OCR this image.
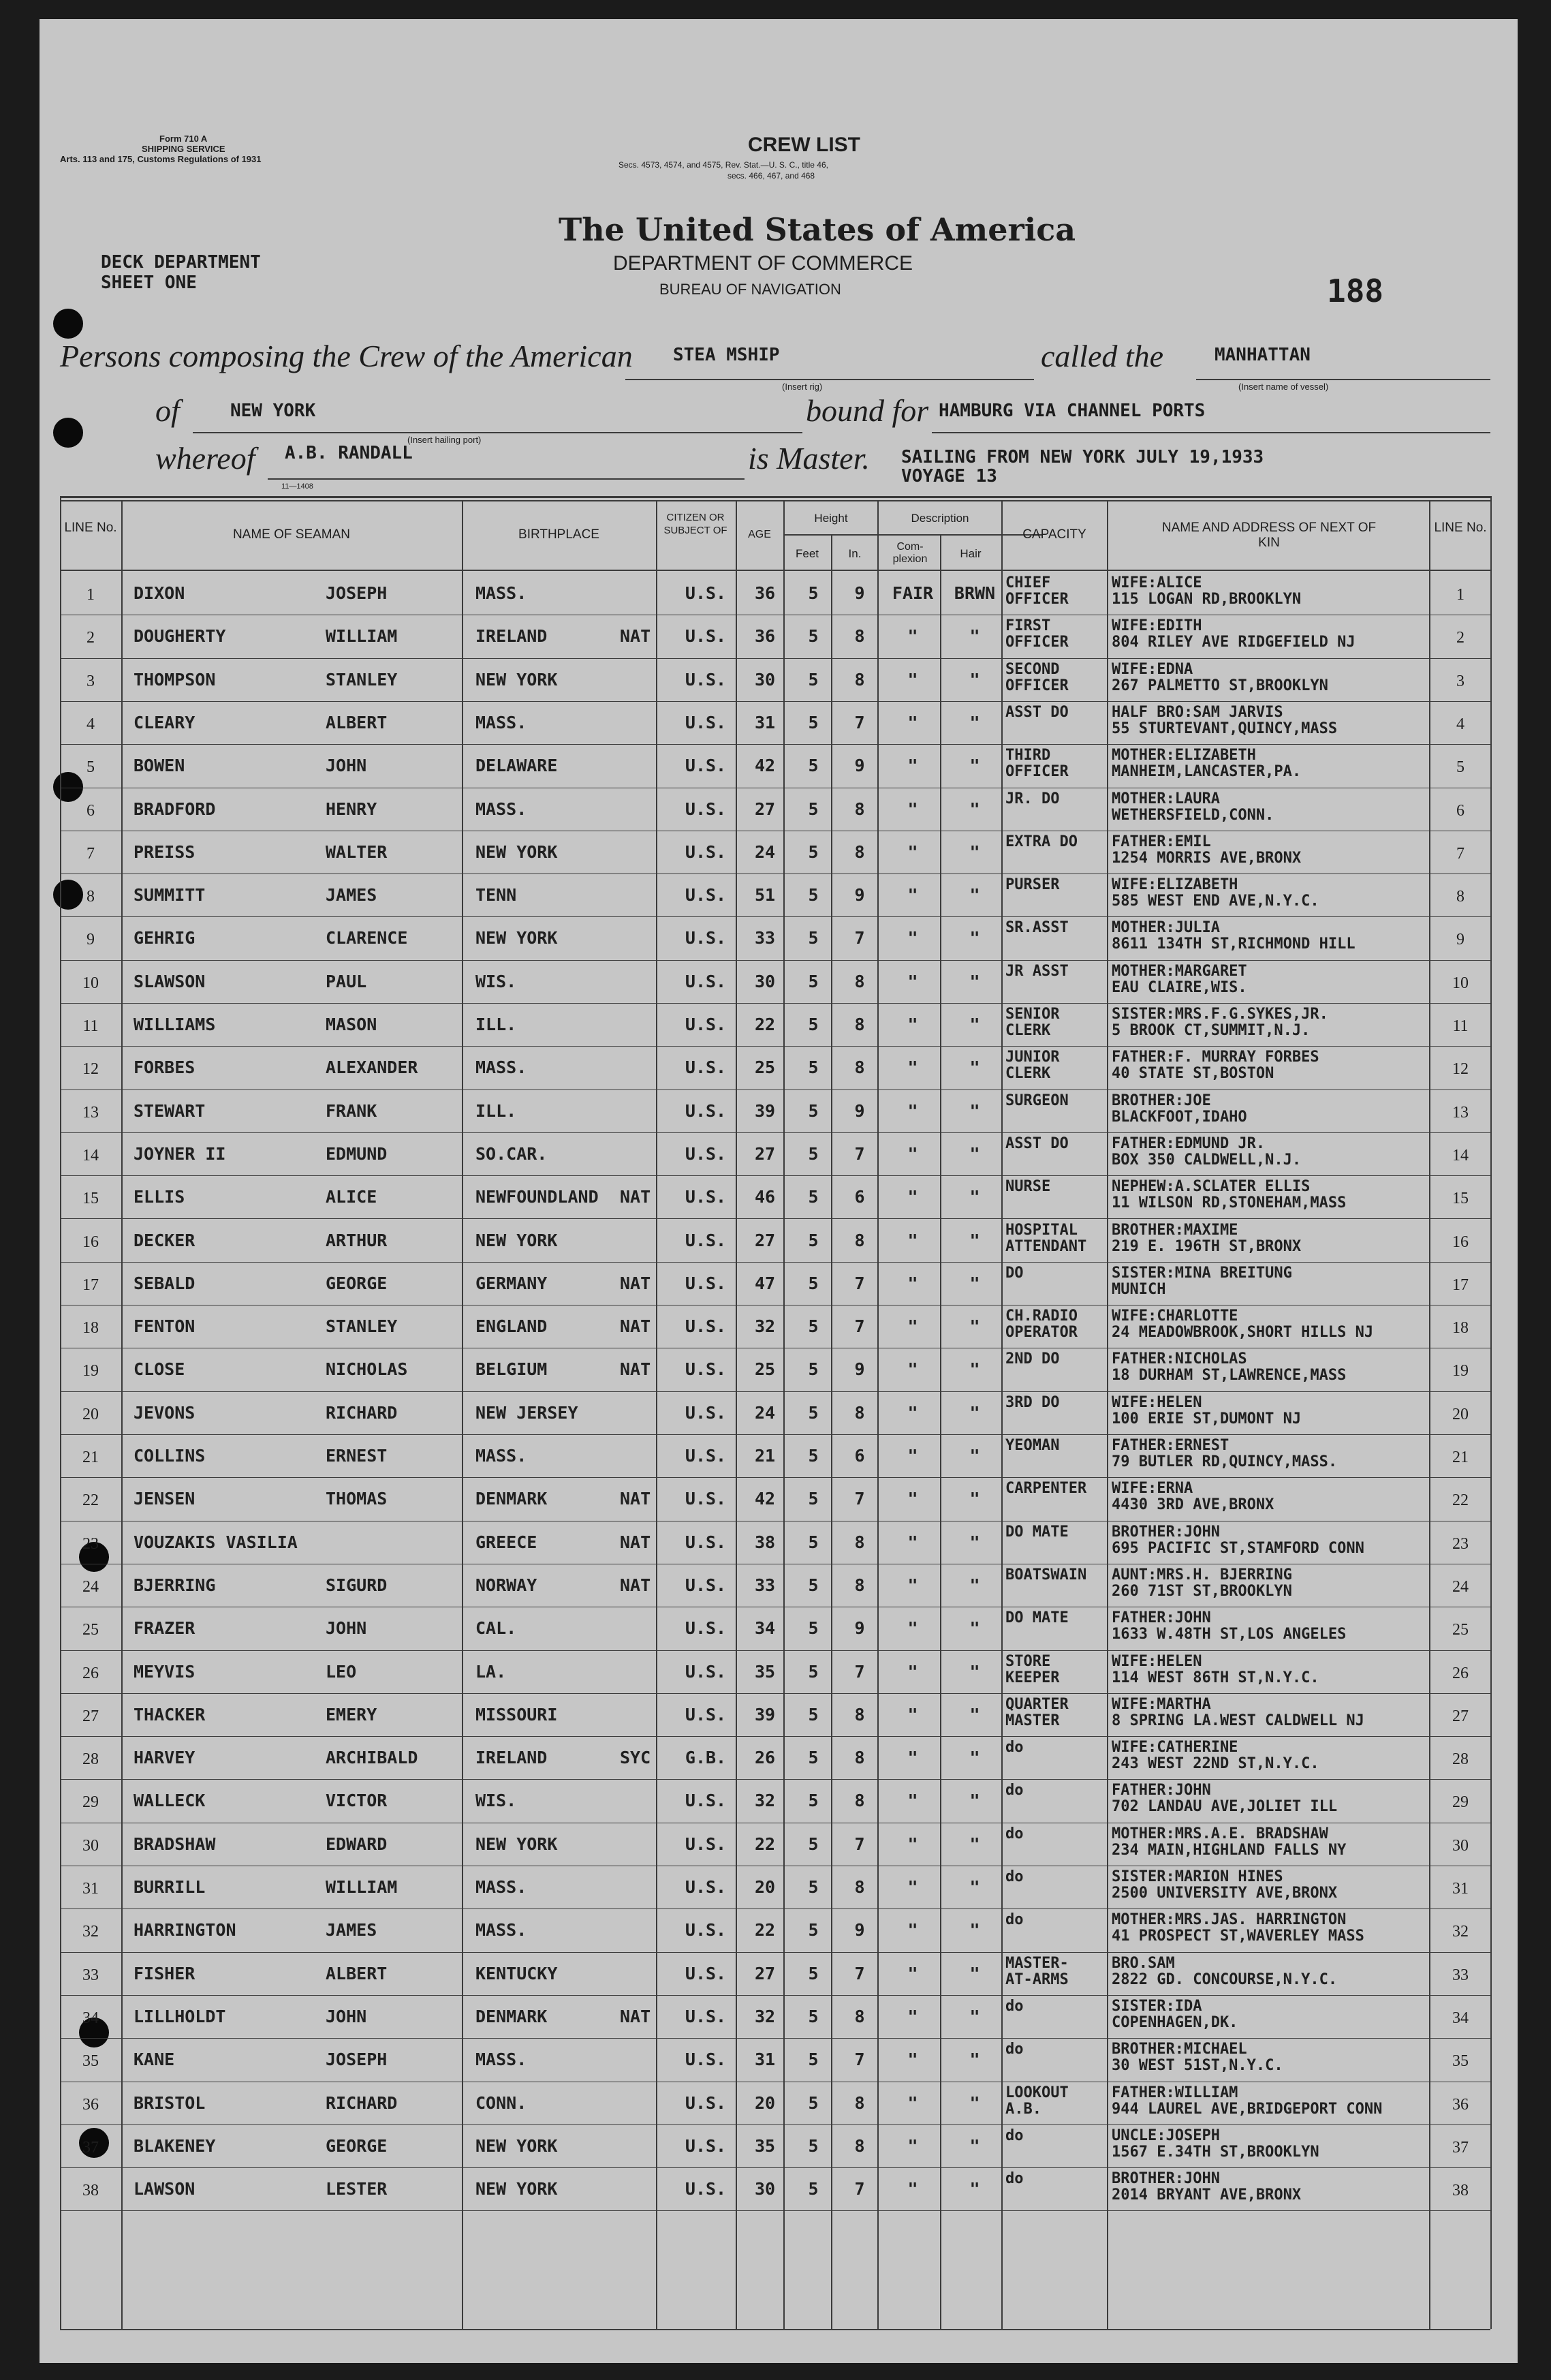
Form 710 A
SHIPPING SERVICE
Arts. 113 and 175, Customs Regulations of 1931
CREW LIST
Secs. 4573, 4574, and 4575, Rev. Stat.—U. S. C., title 46,
secs. 466, 467, and 468
The United States of America
DEPARTMENT OF COMMERCE
BUREAU OF NAVIGATION
DECK DEPARTMENT
SHEET ONE	188
Persons composing the Crew of the American STEA MSHIP
(Insert rig)
called the	MANHATTAN
(Insert name of vessel)
of	NEW YORK
(Insert hailing port)
bound for HAMBURG VIA CHANNEL PORTS
whereof A.B. RANDALL
11—1408
is Master. SAILING FROM NEW YORK JULY 19,1933
VOYAGE 13
LINE No.	NAME OF SEAMAN	BIRTHPLACE
CITIZEN OR SUBJECT OF	AGE
Height
Feet	In.
Description
Com-plexion	Hair
CAPACITY	NAME AND ADDRESS OF NEXT OF KIN
LINE No.
1	DIXON	JOSEPH	MASS.	U.S.	36	5	9	FAIR	BRWN
CHIEF
OFFICER
WIFE:ALICE
115 LOGAN RD,BROOKLYN	1
2	DOUGHERTY	WILLIAM	IRELAND	NAT	U.S.	36	5	8	"	"
FIRST
OFFICER
WIFE:EDITH
804 RILEY AVE RIDGEFIELD NJ	2
3	THOMPSON	STANLEY	NEW YORK	U.S.	30	5	8	"	"
SECOND
OFFICER
WIFE:EDNA
267 PALMETTO ST,BROOKLYN	3
4	CLEARY	ALBERT	MASS.	U.S.	31	5	7	"	"
ASST DO	HALF BRO:SAM JARVIS
55 STURTEVANT,QUINCY,MASS	4
5	BOWEN	JOHN	DELAWARE	U.S.	42	5	9	"	"
THIRD
OFFICER
MOTHER:ELIZABETH
MANHEIM,LANCASTER,PA.	5
6	BRADFORD	HENRY	MASS.	U.S.	27	5	8	"	"
JR. DO	MOTHER:LAURA
WETHERSFIELD,CONN.	6
7	PREISS	WALTER	NEW YORK	U.S.	24	5	8	"	"
EXTRA DO	FATHER:EMIL
1254 MORRIS AVE,BRONX	7
8	SUMMITT	JAMES	TENN	U.S.	51	5	9	"	"
PURSER	WIFE:ELIZABETH
585 WEST END AVE,N.Y.C.	8
9	GEHRIG	CLARENCE	NEW YORK	U.S.	33	5	7	"	"
SR.ASST	MOTHER:JULIA
8611 134TH ST,RICHMOND HILL	9
10	SLAWSON	PAUL	WIS.	U.S.	30	5	8	"	"
JR ASST	MOTHER:MARGARET
EAU CLAIRE,WIS.	10
11	WILLIAMS	MASON	ILL.	U.S.	22	5	8	"	"
SENIOR
CLERK
SISTER:MRS.F.G.SYKES,JR.
5 BROOK CT,SUMMIT,N.J.	11
12	FORBES	ALEXANDER	MASS.	U.S.	25	5	8	"	"
JUNIOR
CLERK
FATHER:F. MURRAY FORBES
40 STATE ST,BOSTON	12
13	STEWART	FRANK	ILL.	U.S.	39	5	9	"	"
SURGEON	BROTHER:JOE
BLACKFOOT,IDAHO	13
14	JOYNER II	EDMUND	SO.CAR.	U.S.	27	5	7	"	"
ASST DO	FATHER:EDMUND JR.
BOX 350 CALDWELL,N.J.	14
15	ELLIS	ALICE	NEWFOUNDLAND	NAT	U.S.	46	5	6	"	"
NURSE	NEPHEW:A.SCLATER ELLIS
11 WILSON RD,STONEHAM,MASS	15
16	DECKER	ARTHUR	NEW YORK	U.S.	27	5	8	"	"
HOSPITAL
ATTENDANT
BROTHER:MAXIME
219 E. 196TH ST,BRONX	16
17	SEBALD	GEORGE	GERMANY	NAT	U.S.	47	5	7	"	"
DO	SISTER:MINA BREITUNG
MUNICH	17
18	FENTON	STANLEY	ENGLAND	NAT	U.S.	32	5	7	"	"
CH.RADIO
OPERATOR
WIFE:CHARLOTTE
24 MEADOWBROOK,SHORT HILLS NJ	18
19	CLOSE	NICHOLAS	BELGIUM	NAT	U.S.	25	5	9	"	"
2ND DO	FATHER:NICHOLAS
18 DURHAM ST,LAWRENCE,MASS	19
20	JEVONS	RICHARD	NEW JERSEY	U.S.	24	5	8	"	"
3RD DO	WIFE:HELEN
100 ERIE ST,DUMONT NJ	20
21	COLLINS	ERNEST	MASS.	U.S.	21	5	6	"	"
YEOMAN	FATHER:ERNEST
79 BUTLER RD,QUINCY,MASS.	21
22	JENSEN	THOMAS	DENMARK	NAT	U.S.	42	5	7	"	"
CARPENTER	WIFE:ERNA
4430 3RD AVE,BRONX	22
23	VOUZAKIS VASILIA	GREECE	NAT	U.S.	38	5	8	"	"
DO MATE	BROTHER:JOHN
695 PACIFIC ST,STAMFORD CONN	23
24	BJERRING	SIGURD	NORWAY	NAT	U.S.	33	5	8	"	"
BOATSWAIN	AUNT:MRS.H. BJERRING
260 71ST ST,BROOKLYN	24
25	FRAZER	JOHN	CAL.	U.S.	34	5	9	"	"
DO MATE	FATHER:JOHN
1633 W.48TH ST,LOS ANGELES	25
26	MEYVIS	LEO	LA.	U.S.	35	5	7	"	"
STORE
KEEPER
WIFE:HELEN
114 WEST 86TH ST,N.Y.C.	26
27	THACKER	EMERY	MISSOURI	U.S.	39	5	8	"	"
QUARTER
MASTER
WIFE:MARTHA
8 SPRING LA.WEST CALDWELL NJ	27
28	HARVEY	ARCHIBALD	IRELAND	SYC	G.B.	26	5	8	"	"
do	WIFE:CATHERINE
243 WEST 22ND ST,N.Y.C.	28
29	WALLECK	VICTOR	WIS.	U.S.	32	5	8	"	"
do	FATHER:JOHN
702 LANDAU AVE,JOLIET ILL	29
30	BRADSHAW	EDWARD	NEW YORK	U.S.	22	5	7	"	"
do	MOTHER:MRS.A.E. BRADSHAW
234 MAIN,HIGHLAND FALLS NY	30
31	BURRILL	WILLIAM	MASS.	U.S.	20	5	8	"	"
do	SISTER:MARION HINES
2500 UNIVERSITY AVE,BRONX	31
32	HARRINGTON	JAMES	MASS.	U.S.	22	5	9	"	"
do	MOTHER:MRS.JAS. HARRINGTON
41 PROSPECT ST,WAVERLEY MASS	32
33	FISHER	ALBERT	KENTUCKY	U.S.	27	5	7	"	"
MASTER-
AT-ARMS
BRO.SAM
2822 GD. CONCOURSE,N.Y.C.	33
34	LILLHOLDT	JOHN	DENMARK	NAT	U.S.	32	5	8	"	"
do	SISTER:IDA
COPENHAGEN,DK.	34
35	KANE	JOSEPH	MASS.	U.S.	31	5	7	"	"
do	BROTHER:MICHAEL
30 WEST 51ST,N.Y.C.	35
36	BRISTOL	RICHARD	CONN.	U.S.	20	5	8	"	"
LOOKOUT
A.B.
FATHER:WILLIAM
944 LAUREL AVE,BRIDGEPORT CONN	36
37	BLAKENEY	GEORGE	NEW YORK	U.S.	35	5	8	"	"
do	UNCLE:JOSEPH
1567 E.34TH ST,BROOKLYN	37
38	LAWSON	LESTER	NEW YORK	U.S.	30	5	7	"	"
do	BROTHER:JOHN
2014 BRYANT AVE,BRONX	38
